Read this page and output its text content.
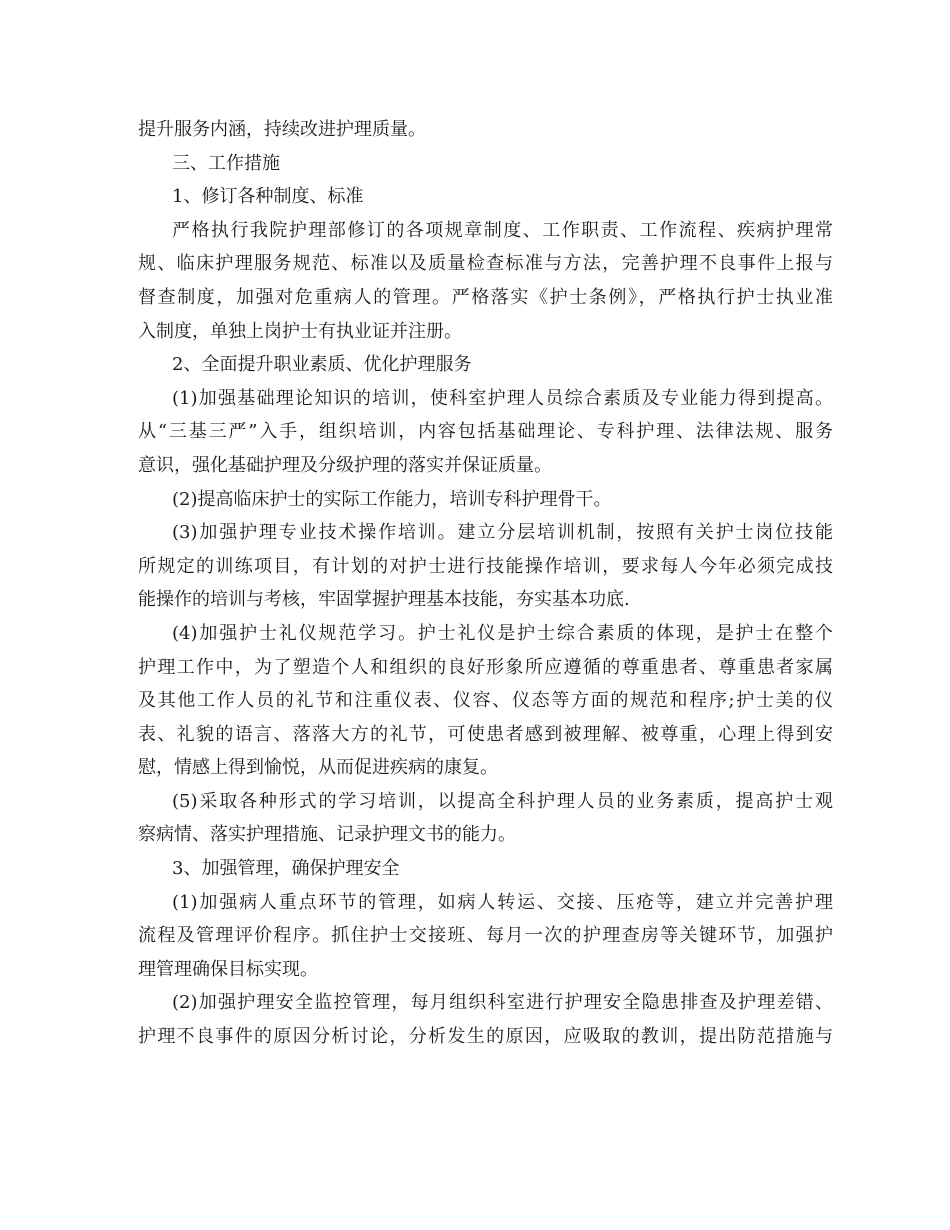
提升服务内涵，持续改进护理质量。
三、工作措施
1、修订各种制度、标准
严格执行我院护理部修订的各项规章制度、工作职责、工作流程、疾病护理常
规、临床护理服务规范、标准以及质量检查标准与方法，完善护理不良事件上报与
督查制度，加强对危重病人的管理。严格落实《护士条例》，严格执行护士执业准
入制度，单独上岗护士有执业证并注册。
2、全面提升职业素质、优化护理服务
(1)加强基础理论知识的培训，使科室护理人员综合素质及专业能力得到提高。
从“三基三严”入手，组织培训，内容包括基础理论、专科护理、法律法规、服务
意识，强化基础护理及分级护理的落实并保证质量。
(2)提高临床护士的实际工作能力，培训专科护理骨干。
(3)加强护理专业技术操作培训。建立分层培训机制，按照有关护士岗位技能
所规定的训练项目，有计划的对护士进行技能操作培训，要求每人今年必须完成技
能操作的培训与考核，牢固掌握护理基本技能，夯实基本功底.
(4)加强护士礼仪规范学习。护士礼仪是护士综合素质的体现，是护士在整个
护理工作中，为了塑造个人和组织的良好形象所应遵循的尊重患者、尊重患者家属
及其他工作人员的礼节和注重仪表、仪容、仪态等方面的规范和程序;护士美的仪
表、礼貌的语言、落落大方的礼节，可使患者感到被理解、被尊重，心理上得到安
慰，情感上得到愉悦，从而促进疾病的康复。
(5)采取各种形式的学习培训，以提高全科护理人员的业务素质，提高护士观
察病情、落实护理措施、记录护理文书的能力。
3、加强管理，确保护理安全
(1)加强病人重点环节的管理，如病人转运、交接、压疮等，建立并完善护理
流程及管理评价程序。抓住护士交接班、每月一次的护理查房等关键环节，加强护
理管理确保目标实现。
(2)加强护理安全监控管理，每月组织科室进行护理安全隐患排查及护理差错、
护理不良事件的原因分析讨论，分析发生的原因，应吸取的教训，提出防范措施与
